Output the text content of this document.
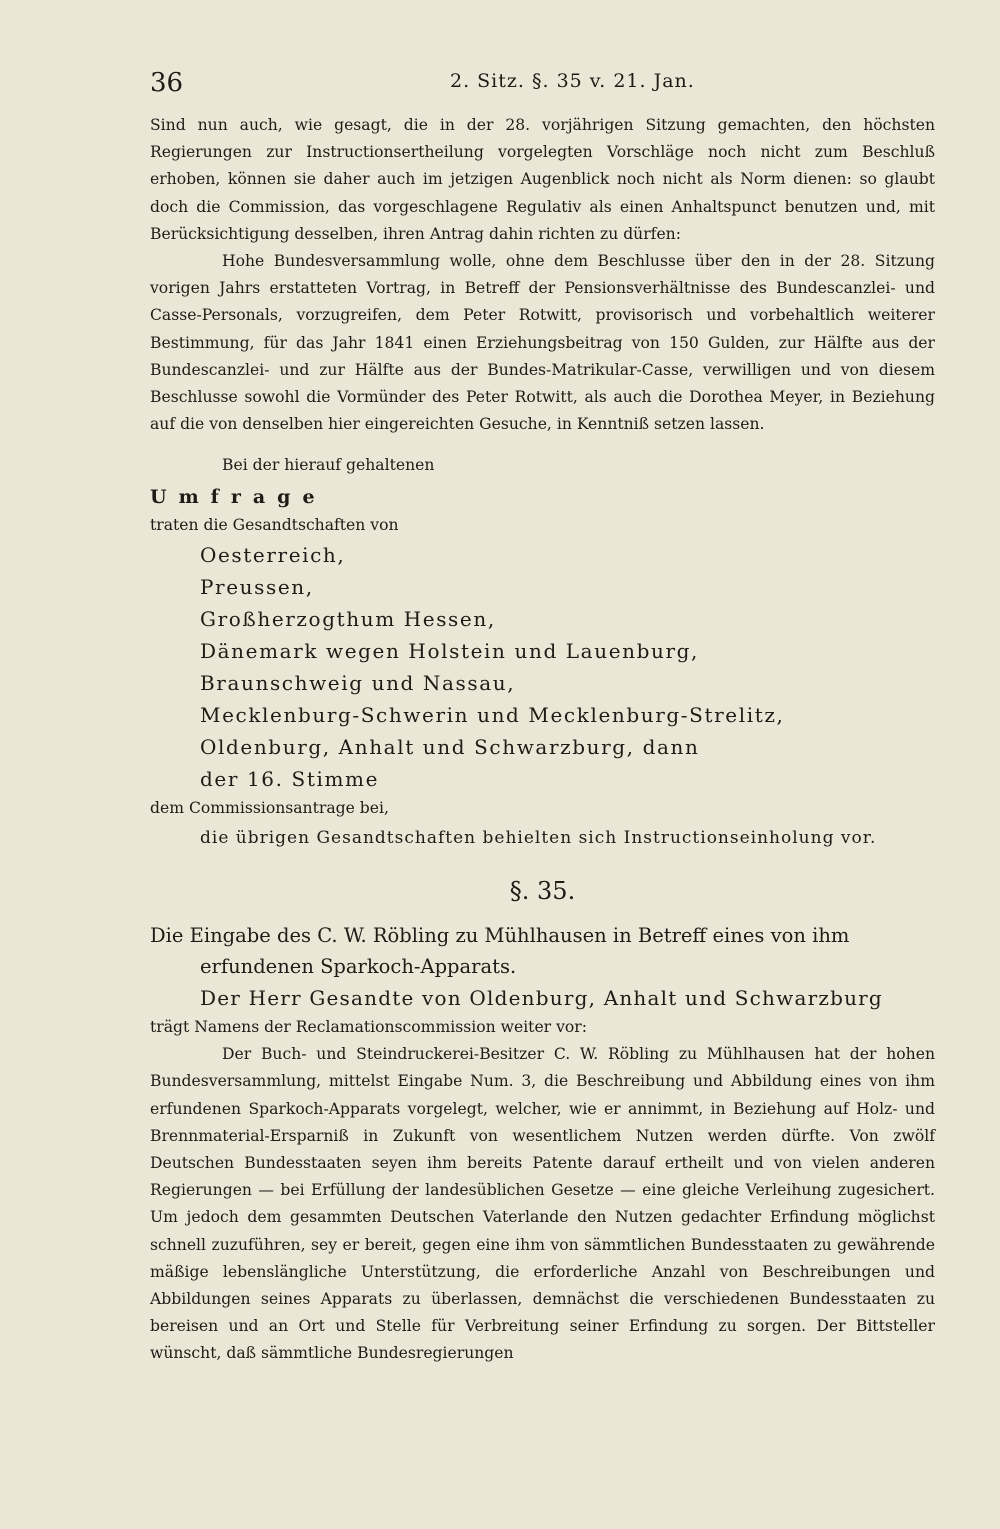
36	2. Sitz. §. 35 v. 21. Jan.

Sind nun auch, wie gesagt, die in der 28. vorjährigen Sitzung gemachten, den höchsten Regierungen zur Instructionsertheilung vorgelegten Vorschläge noch nicht zum Beschluß erhoben, können sie daher auch im jetzigen Augenblick noch nicht als Norm dienen: so glaubt doch die Commission, das vorgeschlagene Regulativ als einen Anhaltspunct benutzen und, mit Berücksichtigung desselben, ihren Antrag dahin richten zu dürfen:

Hohe Bundesversammlung wolle, ohne dem Beschlusse über den in der 28. Sitzung vorigen Jahrs erstatteten Vortrag, in Betreff der Pensionsverhältnisse des Bundescanzlei- und Casse-Personals, vorzugreifen, dem Peter Rotwitt, provisorisch und vorbehaltlich weiterer Bestimmung, für das Jahr 1841 einen Erziehungsbeitrag von 150 Gulden, zur Hälfte aus der Bundescanzlei- und zur Hälfte aus der Bundes-Matrikular-Casse, verwilligen und von diesem Beschlusse sowohl die Vormünder des Peter Rotwitt, als auch die Dorothea Meyer, in Beziehung auf die von denselben hier eingereichten Gesuche, in Kenntniß setzen lassen.

Bei der hierauf gehaltenen

Umfrage

traten die Gesandtschaften von

Oesterreich,

Preussen,

Großherzogthum Hessen,

Dänemark wegen Holstein und Lauenburg,

Braunschweig und Nassau,

Mecklenburg-Schwerin und Mecklenburg-Strelitz,

Oldenburg, Anhalt und Schwarzburg, dann

der 16. Stimme

dem Commissionsantrage bei,

die übrigen Gesandtschaften behielten sich Instructionseinholung vor.

§. 35.

Die Eingabe des C. W. Röbling zu Mühlhausen in Betreff eines von ihm erfundenen Sparkoch-Apparats.

Der Herr Gesandte von Oldenburg, Anhalt und Schwarzburg

trägt Namens der Reclamationscommission weiter vor:

Der Buch- und Steindruckerei-Besitzer C. W. Röbling zu Mühlhausen hat der hohen Bundesversammlung, mittelst Eingabe Num. 3, die Beschreibung und Abbildung eines von ihm erfundenen Sparkoch-Apparats vorgelegt, welcher, wie er annimmt, in Beziehung auf Holz- und Brennmaterial-Ersparniß in Zukunft von wesentlichem Nutzen werden dürfte. Von zwölf Deutschen Bundesstaaten seyen ihm bereits Patente darauf ertheilt und von vielen anderen Regierungen — bei Erfüllung der landesüblichen Gesetze — eine gleiche Verleihung zugesichert. Um jedoch dem gesammten Deutschen Vaterlande den Nutzen gedachter Erfindung möglichst schnell zuzuführen, sey er bereit, gegen eine ihm von sämmtlichen Bundesstaaten zu gewährende mäßige lebenslängliche Unterstützung, die erforderliche Anzahl von Beschreibungen und Abbildungen seines Apparats zu überlassen, demnächst die verschiedenen Bundesstaaten zu bereisen und an Ort und Stelle für Verbreitung seiner Erfindung zu sorgen. Der Bittsteller wünscht, daß sämmtliche Bundesregierungen
